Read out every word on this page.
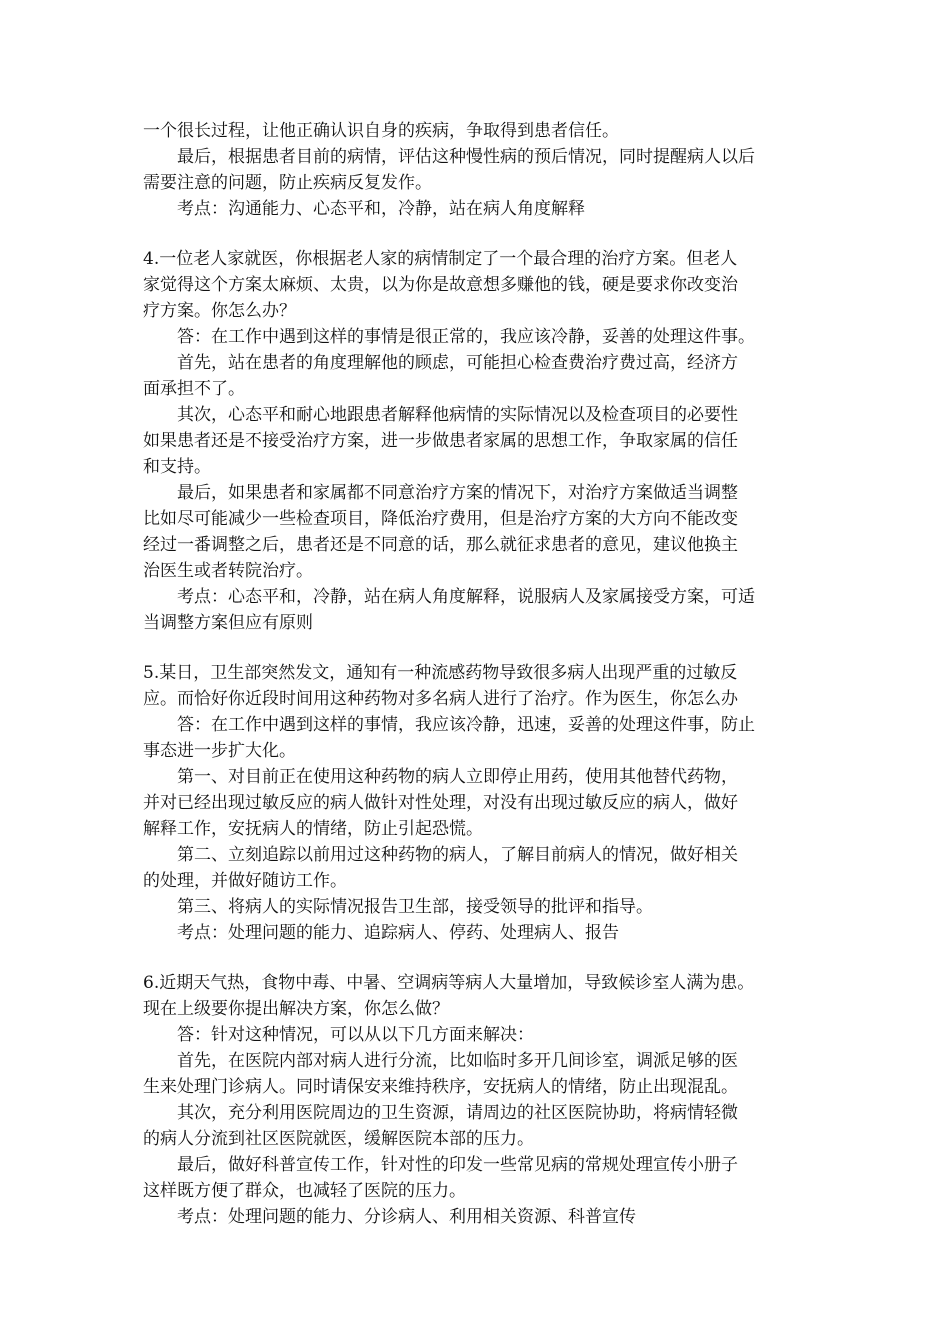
一个很长过程，让他正确认识自身的疾病，争取得到患者信任。
最后，根据患者目前的病情，评估这种慢性病的预后情况，同时提醒病人以后
需要注意的问题，防止疾病反复发作。
考点：沟通能力、心态平和，冷静，站在病人角度解释
4.一位老人家就医，你根据老人家的病情制定了一个最合理的治疗方案。但老人
家觉得这个方案太麻烦、太贵，以为你是故意想多赚他的钱，硬是要求你改变治
疗方案。你怎么办？
答：在工作中遇到这样的事情是很正常的，我应该冷静，妥善的处理这件事。
首先，站在患者的角度理解他的顾虑，可能担心检查费治疗费过高，经济方
面承担不了。
其次，心态平和耐心地跟患者解释他病情的实际情况以及检查项目的必要性
如果患者还是不接受治疗方案，进一步做患者家属的思想工作，争取家属的信任
和支持。
最后，如果患者和家属都不同意治疗方案的情况下，对治疗方案做适当调整
比如尽可能减少一些检查项目，降低治疗费用，但是治疗方案的大方向不能改变
经过一番调整之后，患者还是不同意的话，那么就征求患者的意见，建议他换主
治医生或者转院治疗。
考点：心态平和，冷静，站在病人角度解释，说服病人及家属接受方案，可适
当调整方案但应有原则
5.某日，卫生部突然发文，通知有一种流感药物导致很多病人出现严重的过敏反
应。而恰好你近段时间用这种药物对多名病人进行了治疗。作为医生，你怎么办
答：在工作中遇到这样的事情，我应该冷静，迅速，妥善的处理这件事，防止
事态进一步扩大化。
第一、对目前正在使用这种药物的病人立即停止用药，使用其他替代药物，
并对已经出现过敏反应的病人做针对性处理，对没有出现过敏反应的病人，做好
解释工作，安抚病人的情绪，防止引起恐慌。
第二、立刻追踪以前用过这种药物的病人，了解目前病人的情况，做好相关
的处理，并做好随访工作。
第三、将病人的实际情况报告卫生部，接受领导的批评和指导。
考点：处理问题的能力、追踪病人、停药、处理病人、报告
6.近期天气热，食物中毒、中暑、空调病等病人大量增加，导致候诊室人满为患。
现在上级要你提出解决方案，你怎么做？
答：针对这种情况，可以从以下几方面来解决：
首先，在医院内部对病人进行分流，比如临时多开几间诊室，调派足够的医
生来处理门诊病人。同时请保安来维持秩序，安抚病人的情绪，防止出现混乱。
其次，充分利用医院周边的卫生资源，请周边的社区医院协助，将病情轻微
的病人分流到社区医院就医，缓解医院本部的压力。
最后，做好科普宣传工作，针对性的印发一些常见病的常规处理宣传小册子
这样既方便了群众，也减轻了医院的压力。
考点：处理问题的能力、分诊病人、利用相关资源、科普宣传
